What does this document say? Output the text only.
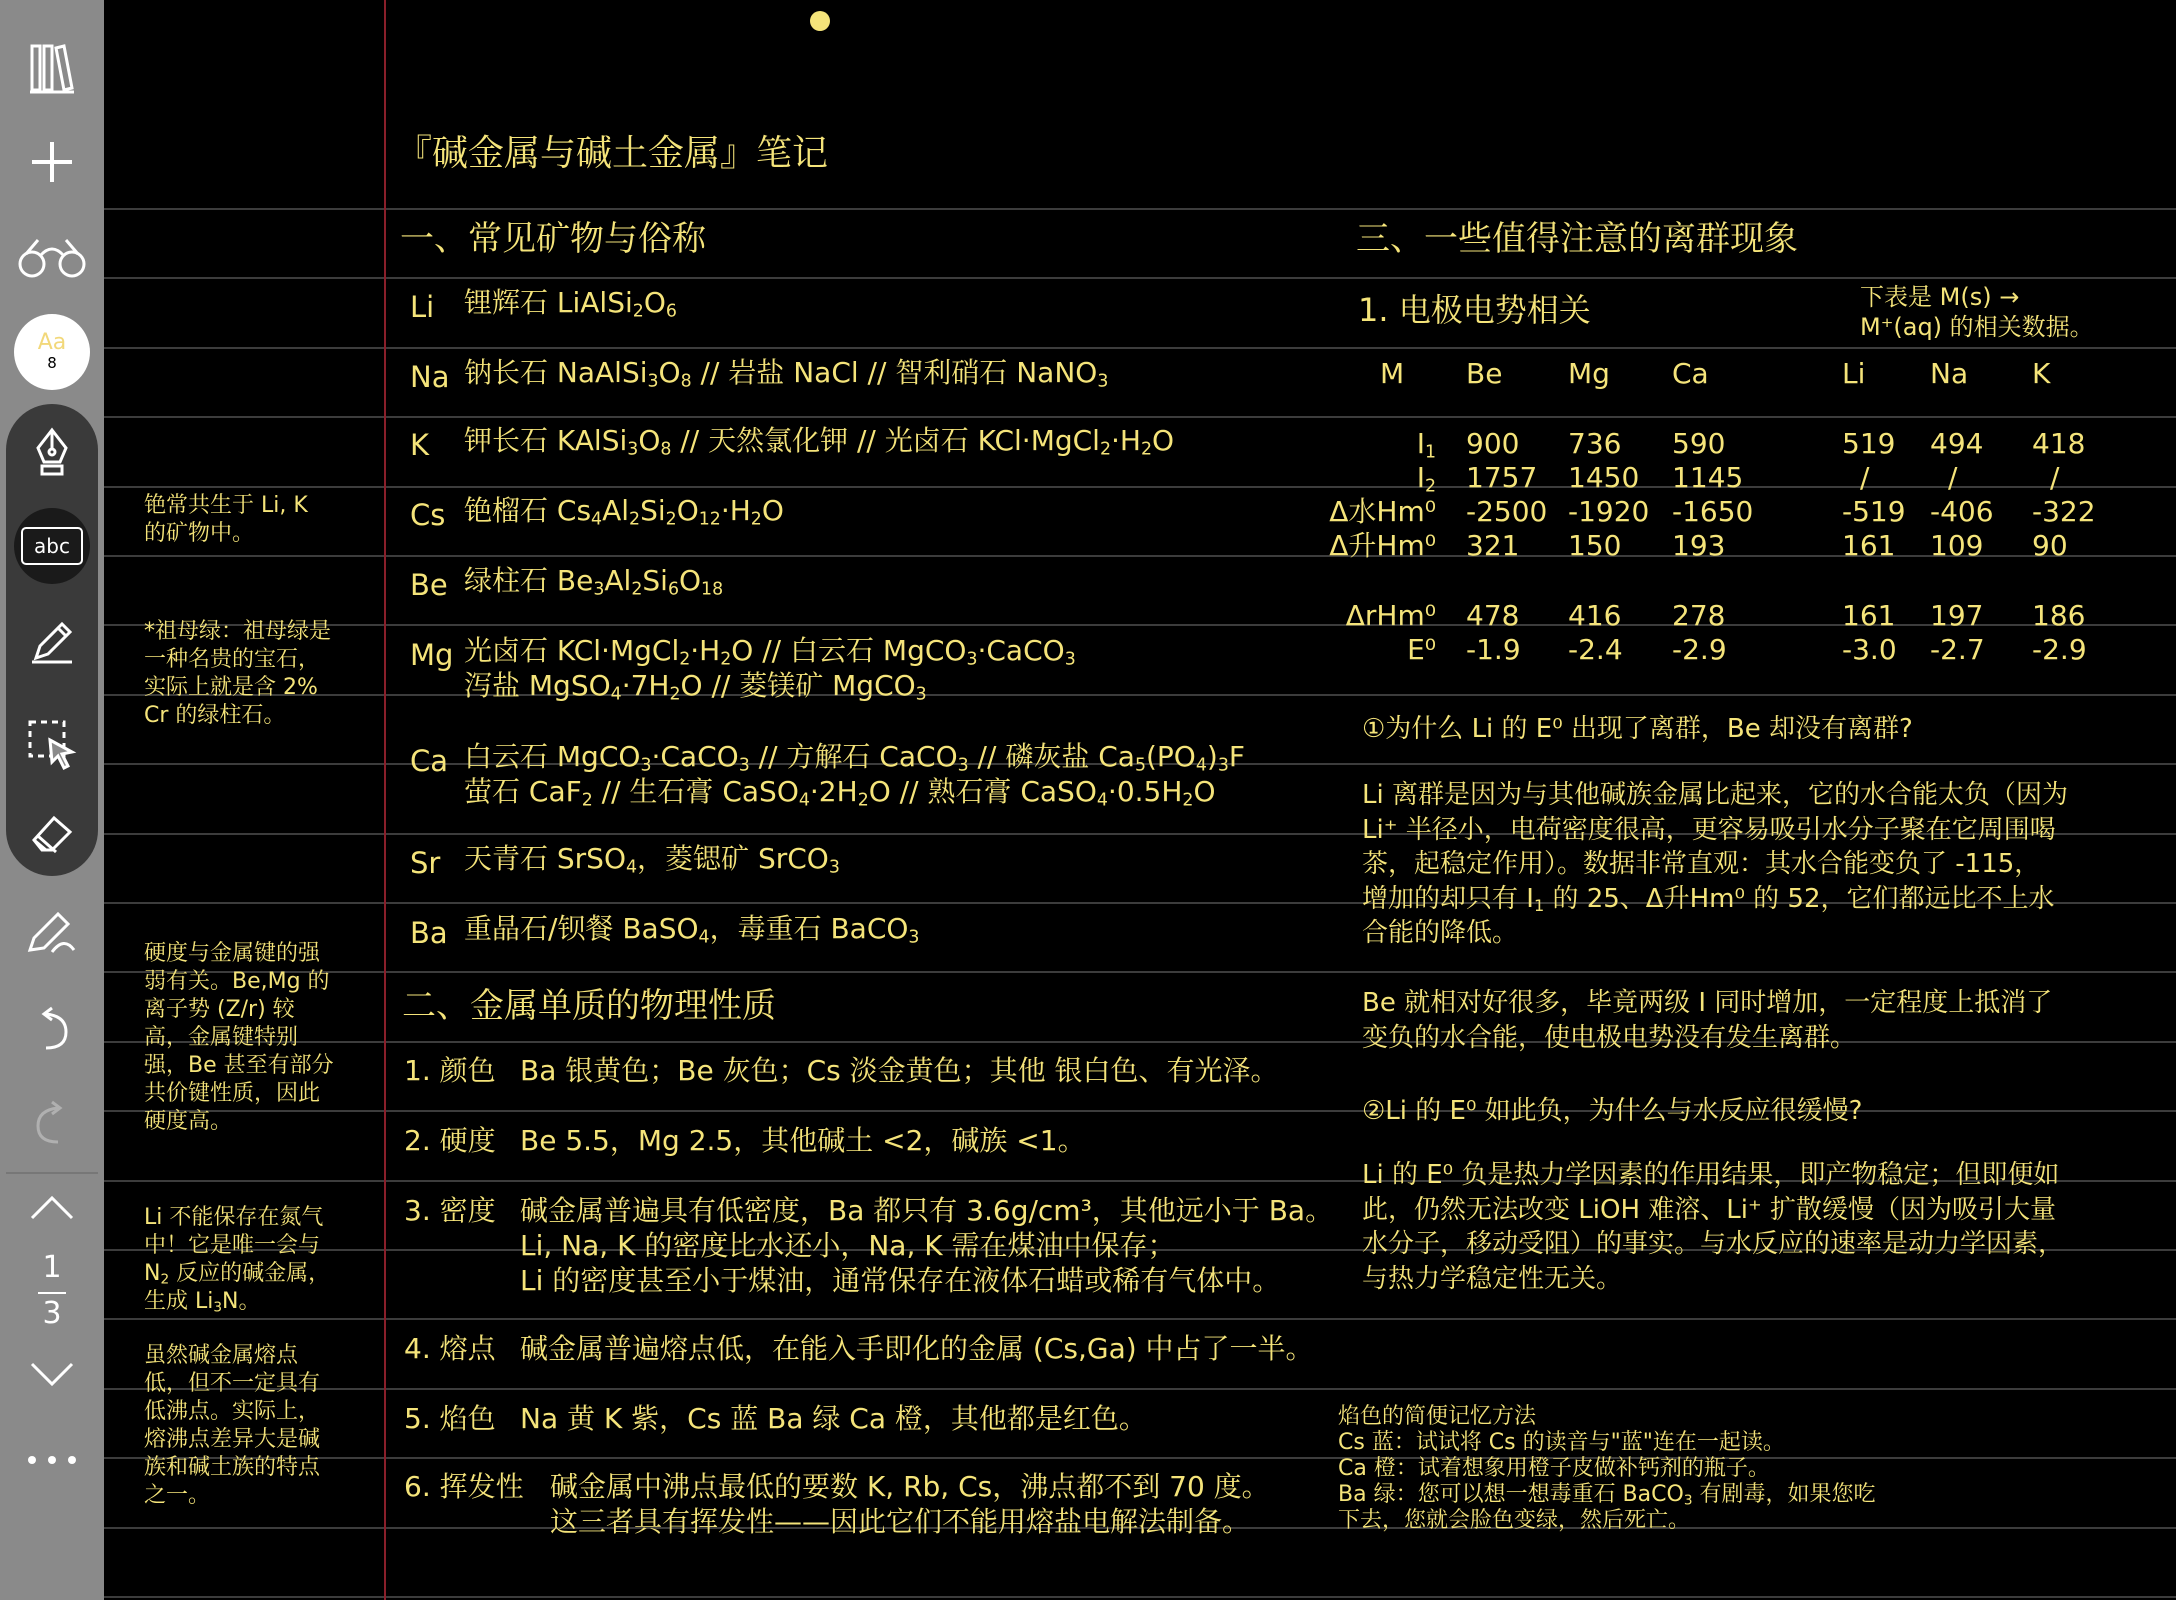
Aa
8
abc
1
3
『碱金属与碱土金属』笔记
一、常见矿物与俗称
Li 锂辉石 $LiAlSi_2O_6$
Na 钠长石 $NaAlSi_3O_8$ // 岩盐 NaCl // 智利硝石 NaNO$_3$
K 钾长石 $KAlSi_3O_8$ // 天然氯化钾 // 光卤石 $KCl\cdot MgCl_2\cdot H_2O$
Cs 铯榴石 $Cs_4Al_2Si_2O_{12}\cdot H_2O$
Be 绿柱石 $Be_3Al_2Si_6O_{18}$
Mg 光卤石 $KCl\cdot MgCl_2\cdot H_2O$ // 白云石 MgCO$_3$·CaCO$_3$
泻盐 $MgSO_4\cdot 7H_2O$ // 菱镁矿 MgCO$_3$
Ca 白云石 MgCO$_3$·CaCO$_3$ // 方解石 CaCO$_3$ // 磷灰盐 $Ca_5(PO_4)_3F$
萤石 CaF$_2$ // 生石膏 $CaSO_4\cdot 2H_2O$ // 熟石膏 $CaSO_4\cdot 0.5H_2O$
Sr 天青石 SrSO$_4$，菱锶矿 SrCO$_3$
Ba 重晶石/钡餐 BaSO$_4$，毒重石 BaCO$_3$
二、金属单质的物理性质
1. 颜色 Ba 银黄色；Be 灰色；Cs 淡金黄色；其他 银白色、有光泽。
2. 硬度 Be 5.5，Mg 2.5，其他碱土 <2，碱族 <1。
3. 密度 碱金属普遍具有低密度，Ba 都只有 3.6g/cm³，其他远小于 Ba。
Li, Na, K 的密度比水还小，Na, K 需在煤油中保存；
Li 的密度甚至小于煤油，通常保存在液体石蜡或稀有气体中。
4. 熔点 碱金属普遍熔点低，在能入手即化的金属 (Cs,Ga) 中占了一半。
5. 焰色 Na 黄 K 紫，Cs 蓝 Ba 绿 Ca 橙，其他都是红色。
6. 挥发性 碱金属中沸点最低的要数 K, Rb, Cs，沸点都不到 70 度。
这三者具有挥发性——因此它们不能用熔盐电解法制备。
三、一些值得注意的离群现象
1. 电极电势相关	下表是 M(s) →
M⁺(aq) 的相关数据。
M Be Mg Ca	Li Na K
$I_1$ 900 736 590	519 494 418
$I_2$ 1757 1450 1145	/	/	/
Δ水Hm⁰ -2500 -1920 -1650	-519 -406 -322
Δ升Hm⁰ 321 150 193	161 109 90
ΔrHm⁰ 478 416 278	161 197 186
E⁰ -1.9 -2.4 -2.9	-3.0 -2.7 -2.9
①为什么 Li 的 E⁰ 出现了离群，Be 却没有离群?
Li 离群是因为与其他碱族金属比起来，它的水合能太负（因为
Li⁺ 半径小，电荷密度很高，更容易吸引水分子聚在它周围喝
茶，起稳定作用）。数据非常直观：其水合能变负了 -115，
增加的却只有 $I_1$ 的 25、Δ升Hm⁰ 的 52，它们都远比不上水
合能的降低。
Be 就相对好很多，毕竟两级 I 同时增加，一定程度上抵消了
变负的水合能，使电极电势没有发生离群。
②Li 的 E⁰ 如此负，为什么与水反应很缓慢?
Li 的 E⁰ 负是热力学因素的作用结果，即产物稳定；但即便如
此，仍然无法改变 LiOH 难溶、Li⁺ 扩散缓慢（因为吸引大量
水分子，移动受阻）的事实。与水反应的速率是动力学因素，
与热力学稳定性无关。
焰色的简便记忆方法
Cs 蓝：试试将 Cs 的读音与"蓝"连在一起读。
Ca 橙：试着想象用橙子皮做补钙剂的瓶子。
Ba 绿：您可以想一想毒重石 BaCO$_3$ 有剧毒，如果您吃
下去，您就会脸色变绿，然后死亡。
铯常共生于 Li, K
的矿物中。
*祖母绿：祖母绿是
一种名贵的宝石，
实际上就是含 2%
Cr 的绿柱石。
硬度与金属键的强
弱有关。Be,Mg 的
离子势 (Z/r) 较
高，金属键特别
强，Be 甚至有部分
共价键性质，因此
硬度高。
Li 不能保存在氮气
中！它是唯一会与
$N_2$ 反应的碱金属，
生成 $Li_3N$。
虽然碱金属熔点
低，但不一定具有
低沸点。实际上，
熔沸点差异大是碱
族和碱土族的特点
之一。
